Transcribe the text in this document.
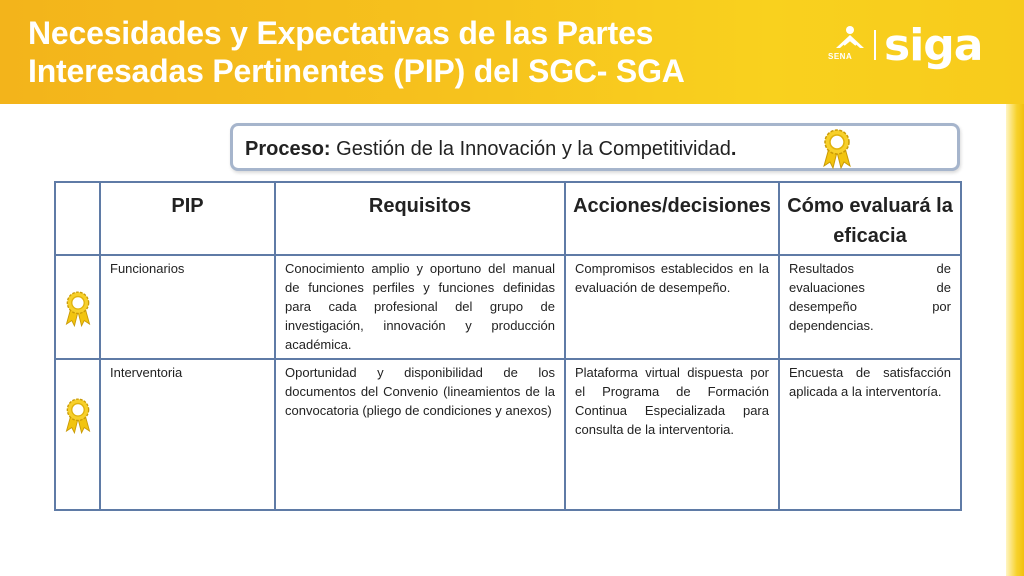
Necesidades y Expectativas de las Partes
Interesadas Pertinentes (PIP) del SGC- SGA	SENA siga
Proceso: Gestión de la Innovación y la Competitividad.
	PIP	Requisitos	Acciones/decisiones	Cómo evaluará la eficacia
	Funcionarios	Conocimiento amplio y oportuno del manual de funciones perfiles y funciones definidas para cada profesional del grupo de investigación, innovación y producción académica.	Compromisos establecidos en la evaluación de desempeño.	Resultados de evaluaciones de desempeño por dependencias.

	Interventoria	Oportunidad y disponibilidad de los documentos del Convenio (lineamientos de la convocatoria (pliego de condiciones y anexos)	Plataforma virtual dispuesta por el Programa de Formación Continua Especializada para consulta de la interventoria.	Encuesta de satisfacción aplicada a la interventoría.
